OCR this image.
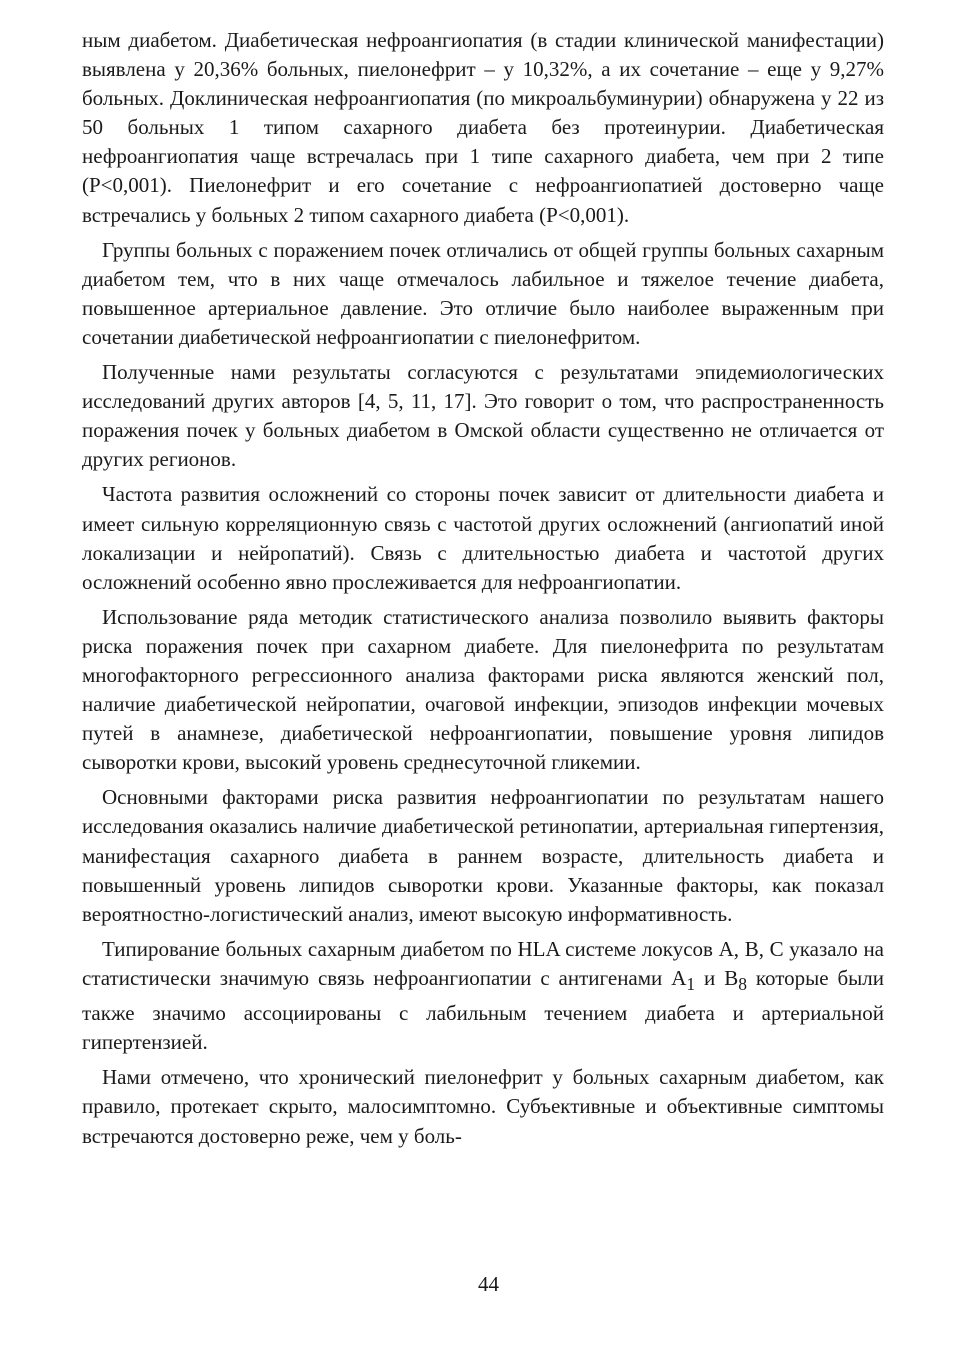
ным диабетом. Диабетическая нефроангиопатия (в стадии клинической манифестации) выявлена у 20,36% больных, пиелонефрит – у 10,32%, а их сочетание – еще у 9,27% больных. Доклиническая нефроангиопатия (по микроальбуминурии) обнаружена у 22 из 50 больных 1 типом сахарного диабета без протеинурии. Диабетическая нефроангиопатия чаще встречалась при 1 типе сахарного диабета, чем при 2 типе (P<0,001). Пиелонефрит и его сочетание с нефроангиопатией достоверно чаще встречались у больных 2 типом сахарного диабета (P<0,001).

Группы больных с поражением почек отличались от общей группы больных сахарным диабетом тем, что в них чаще отмечалось лабильное и тяжелое течение диабета, повышенное артериальное давление. Это отличие было наиболее выраженным при сочетании диабетической нефроангиопатии с пиелонефритом.

Полученные нами результаты согласуются с результатами эпидемиологических исследований других авторов [4, 5, 11, 17]. Это говорит о том, что распространенность поражения почек у больных диабетом в Омской области существенно не отличается от других регионов.

Частота развития осложнений со стороны почек зависит от длительности диабета и имеет сильную корреляционную связь с частотой других осложнений (ангиопатий иной локализации и нейропатий). Связь с длительностью диабета и частотой других осложнений особенно явно прослеживается для нефроангиопатии.

Использование ряда методик статистического анализа позволило выявить факторы риска поражения почек при сахарном диабете. Для пиелонефрита по результатам многофакторного регрессионного анализа факторами риска являются женский пол, наличие диабетической нейропатии, очаговой инфекции, эпизодов инфекции мочевых путей в анамнезе, диабетической нефроангиопатии, повышение уровня липидов сыворотки крови, высокий уровень среднесуточной гликемии.

Основными факторами риска развития нефроангиопатии по результатам нашего исследования оказались наличие диабетической ретинопатии, артериальная гипертензия, манифестация сахарного диабета в раннем возрасте, длительность диабета и повышенный уровень липидов сыворотки крови. Указанные факторы, как показал вероятностно-логистический анализ, имеют высокую информативность.

Типирование больных сахарным диабетом по HLA системе локусов А, В, С указало на статистически значимую связь нефроангиопатии с антигенами $А_1$ и $В_8$ которые были также значимо ассоциированы с лабильным течением диабета и артериальной гипертензией.

Нами отмечено, что хронический пиелонефрит у больных сахарным диабетом, как правило, протекает скрыто, малосимптомно. Субъективные и объективные симптомы встречаются достоверно реже, чем у боль-

44
